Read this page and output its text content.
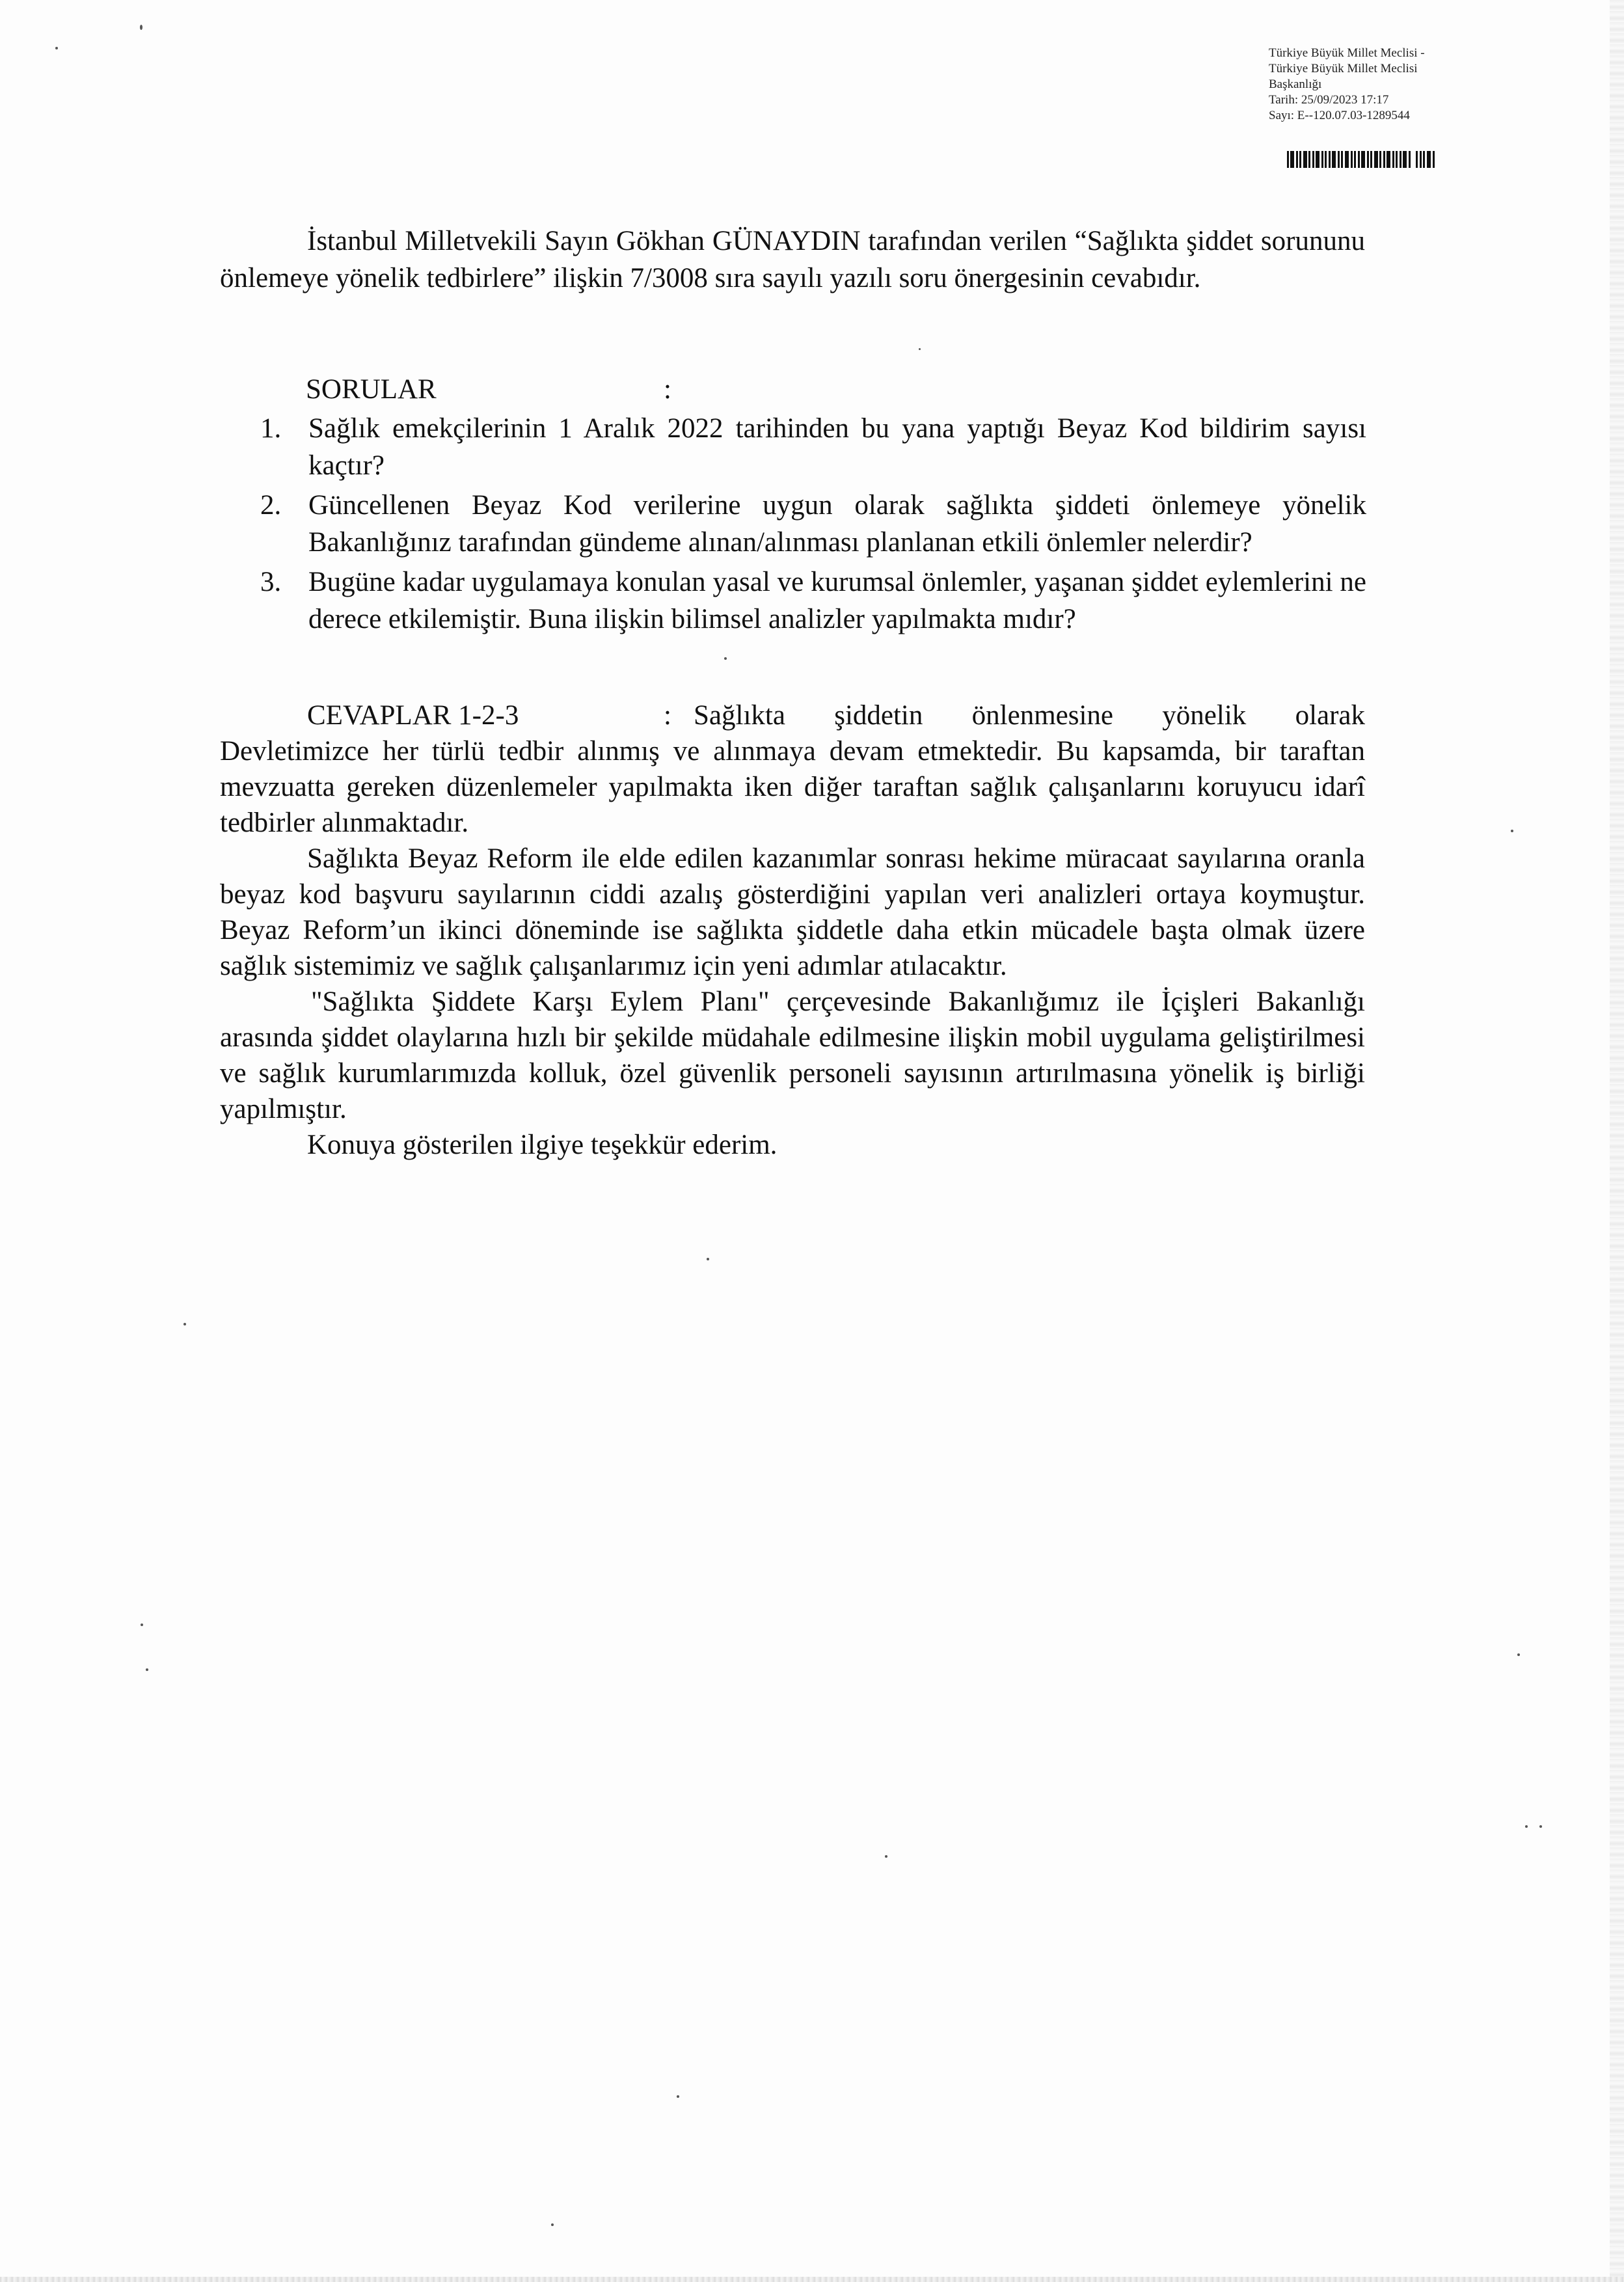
Türkiye Büyük Millet Meclisi -
Türkiye Büyük Millet Meclisi
Başkanlığı
Tarih: 25/09/2023 17:17
Sayı: E--120.07.03-1289544

İstanbul Milletvekili Sayın Gökhan GÜNAYDIN tarafından verilen “Sağlıkta şiddet sorununu önlemeye yönelik tedbirlere” ilişkin 7/3008 sıra sayılı yazılı soru önergesinin cevabıdır.

SORULAR	:
1. Sağlık emekçilerinin 1 Aralık 2022 tarihinden bu yana yaptığı Beyaz Kod bildirim sayısı kaçtır?
2. Güncellenen Beyaz Kod verilerine uygun olarak sağlıkta şiddeti önlemeye yönelik Bakanlığınız tarafından gündeme alınan/alınması planlanan etkili önlemler nelerdir?
3. Bugüne kadar uygulamaya konulan yasal ve kurumsal önlemler, yaşanan şiddet eylemlerini ne derece etkilemiştir. Buna ilişkin bilimsel analizler yapılmakta mıdır?
CEVAPLAR 1-2-3	: Sağlıkta şiddetin önlenmesine yönelik olarak

Devletimizce her türlü tedbir alınmış ve alınmaya devam etmektedir. Bu kapsamda, bir taraftan mevzuatta gereken düzenlemeler yapılmakta iken diğer taraftan sağlık çalışanlarını koruyucu idarî tedbirler alınmaktadır.

Sağlıkta Beyaz Reform ile elde edilen kazanımlar sonrası hekime müracaat sayılarına oranla beyaz kod başvuru sayılarının ciddi azalış gösterdiğini yapılan veri analizleri ortaya koymuştur. Beyaz Reform’un ikinci döneminde ise sağlıkta şiddetle daha etkin mücadele başta olmak üzere sağlık sistemimiz ve sağlık çalışanlarımız için yeni adımlar atılacaktır.

"Sağlıkta Şiddete Karşı Eylem Planı" çerçevesinde Bakanlığımız ile İçişleri Bakanlığı arasında şiddet olaylarına hızlı bir şekilde müdahale edilmesine ilişkin mobil uygulama geliştirilmesi ve sağlık kurumlarımızda kolluk, özel güvenlik personeli sayısının artırılmasına yönelik iş birliği yapılmıştır.

Konuya gösterilen ilgiye teşekkür ederim.
